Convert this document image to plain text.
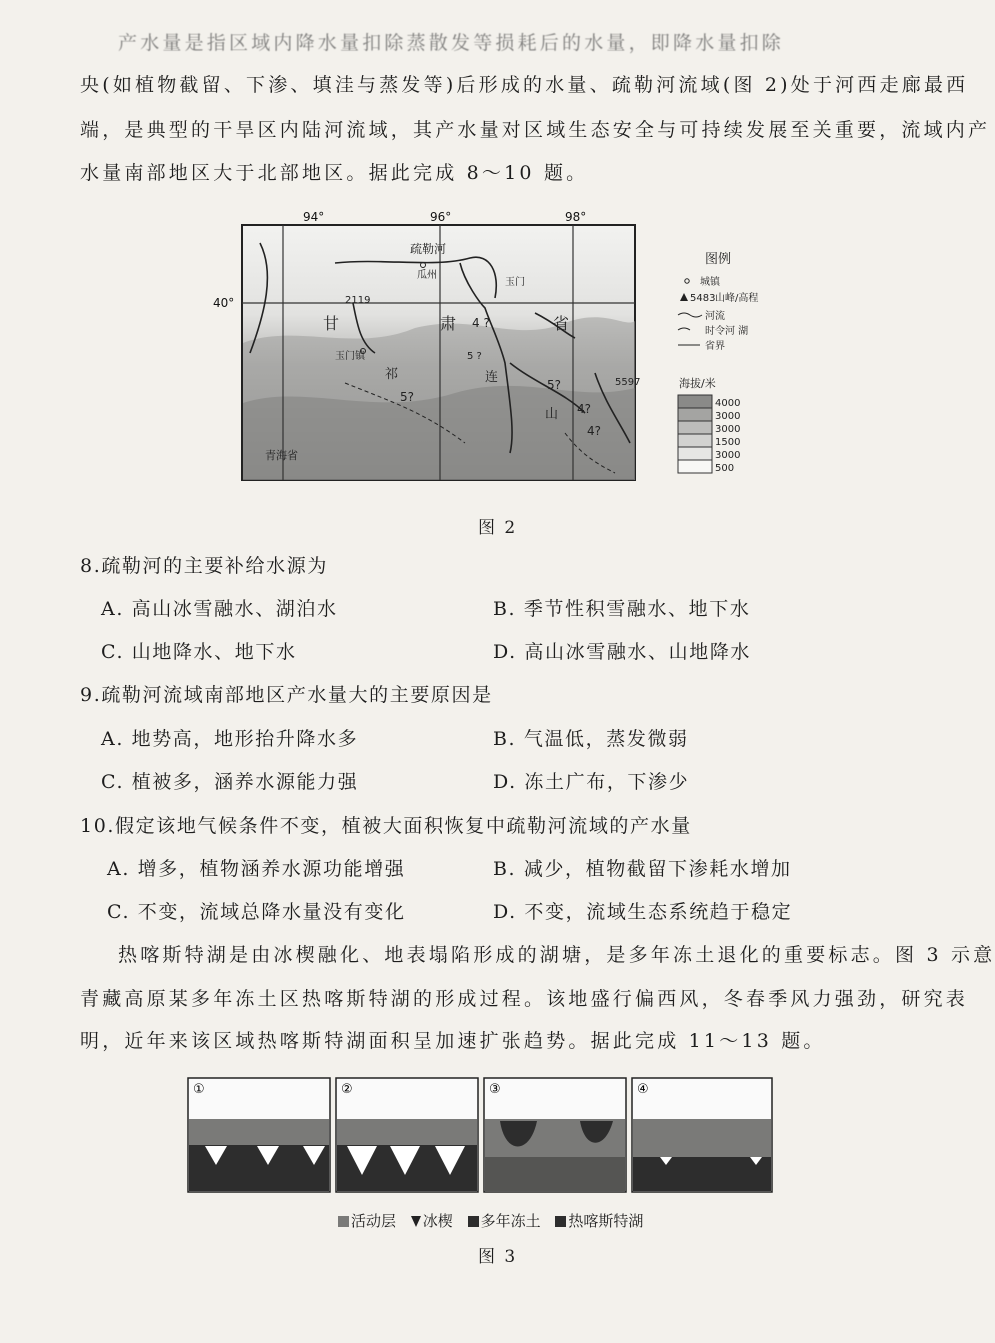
产水量是指区域内降水量扣除蒸散发等损耗后的水量，即降水量扣除
央(如植物截留、下渗、填洼与蒸发等)后形成的水量、疏勒河流域(图 2)处于河西走廊最西
端，是典型的干旱区内陆河流域，其产水量对区域生态安全与可持续发展至关重要，流域内产
水量南部地区大于北部地区。据此完成 8～10 题。
94°	96°	98°
40°
疏勒河
瓜州
玉门
2119
甘	肃	省
4 ?
玉门镇
祁	连
山
5 ?
5597
5?
5?
4?
4?
青海省
图例
城镇
5483 山峰/高程
河流
时令河 湖
省界
海拔/米
4000
3000
3000
1500
3000
500
图 2
8.疏勒河的主要补给水源为
A. 高山冰雪融水、湖泊水	B. 季节性积雪融水、地下水
C. 山地降水、地下水	D. 高山冰雪融水、山地降水
9.疏勒河流域南部地区产水量大的主要原因是
A. 地势高，地形抬升降水多	B. 气温低，蒸发微弱
C. 植被多，涵养水源能力强	D. 冻土广布，下渗少
10.假定该地气候条件不变，植被大面积恢复中疏勒河流域的产水量
A. 增多，植物涵养水源功能增强	B. 减少，植物截留下渗耗水增加
C. 不变，流域总降水量没有变化	D. 不变，流域生态系统趋于稳定
热喀斯特湖是由冰楔融化、地表塌陷形成的湖塘，是多年冻土退化的重要标志。图 3 示意
青藏高原某多年冻土区热喀斯特湖的形成过程。该地盛行偏西风，冬春季风力强劲，研究表
明，近年来该区域热喀斯特湖面积呈加速扩张趋势。据此完成 11～13 题。
①	②	③	④
活动层 冰楔 多年冻土 热喀斯特湖
图 3
